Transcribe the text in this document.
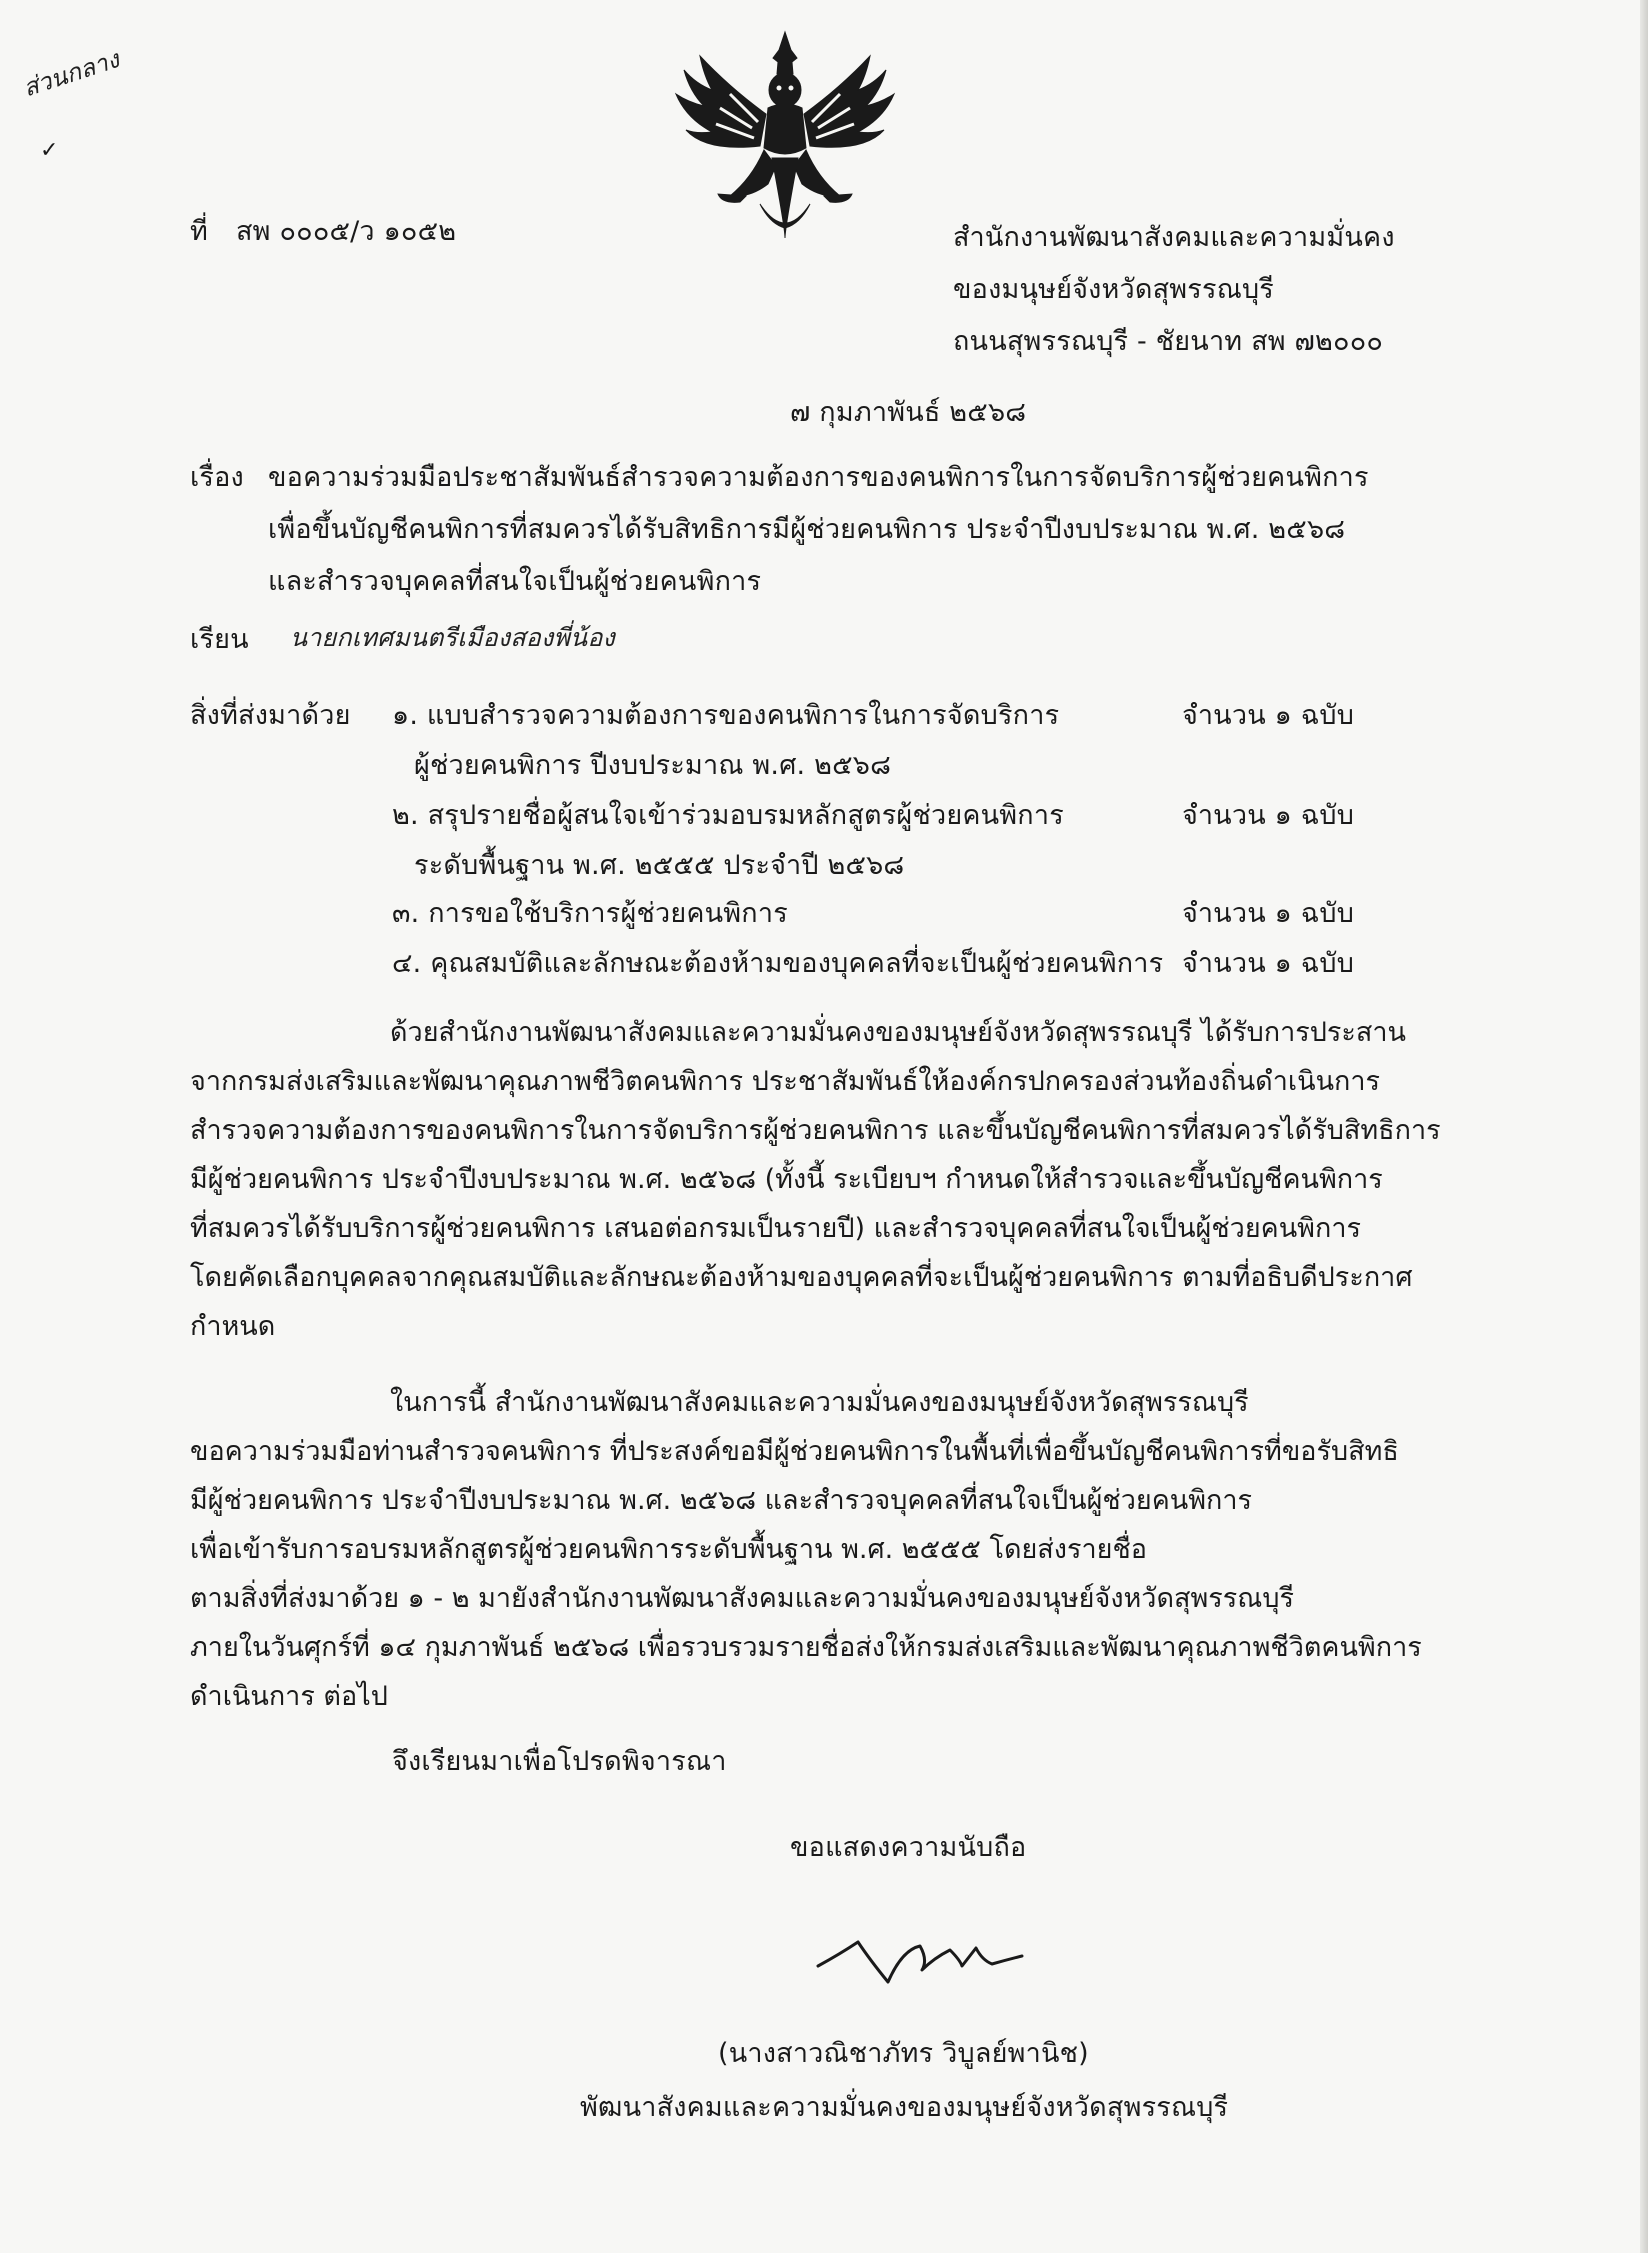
ส่วนกลาง
✓
ที่ สพ ๐๐๐๕/ว ๑๐๕๒	สำนักงานพัฒนาสังคมและความมั่นคง
ของมนุษย์จังหวัดสุพรรณบุรี
ถนนสุพรรณบุรี - ชัยนาท สพ ๗๒๐๐๐
๗ กุมภาพันธ์ ๒๕๖๘
เรื่อง ขอความร่วมมือประชาสัมพันธ์สำรวจความต้องการของคนพิการในการจัดบริการผู้ช่วยคนพิการ
เพื่อขึ้นบัญชีคนพิการที่สมควรได้รับสิทธิการมีผู้ช่วยคนพิการ ประจำปีงบประมาณ พ.ศ. ๒๕๖๘
และสำรวจบุคคลที่สนใจเป็นผู้ช่วยคนพิการ
เรียน นายกเทศมนตรีเมืองสองพี่น้อง
สิ่งที่ส่งมาด้วย ๑. แบบสำรวจความต้องการของคนพิการในการจัดบริการ
ผู้ช่วยคนพิการ ปีงบประมาณ พ.ศ. ๒๕๖๘
จำนวน ๑ ฉบับ
๒. สรุปรายชื่อผู้สนใจเข้าร่วมอบรมหลักสูตรผู้ช่วยคนพิการ
ระดับพื้นฐาน พ.ศ. ๒๕๕๕ ประจำปี ๒๕๖๘
จำนวน ๑ ฉบับ
๓. การขอใช้บริการผู้ช่วยคนพิการ	จำนวน ๑ ฉบับ
๔. คุณสมบัติและลักษณะต้องห้ามของบุคคลที่จะเป็นผู้ช่วยคนพิการ จำนวน ๑ ฉบับ
ด้วยสำนักงานพัฒนาสังคมและความมั่นคงของมนุษย์จังหวัดสุพรรณบุรี ได้รับการประสาน
จากกรมส่งเสริมและพัฒนาคุณภาพชีวิตคนพิการ ประชาสัมพันธ์ให้องค์กรปกครองส่วนท้องถิ่นดำเนินการ
สำรวจความต้องการของคนพิการในการจัดบริการผู้ช่วยคนพิการ และขึ้นบัญชีคนพิการที่สมควรได้รับสิทธิการ
มีผู้ช่วยคนพิการ ประจำปีงบประมาณ พ.ศ. ๒๕๖๘ (ทั้งนี้ ระเบียบฯ กำหนดให้สำรวจและขึ้นบัญชีคนพิการ
ที่สมควรได้รับบริการผู้ช่วยคนพิการ เสนอต่อกรมเป็นรายปี) และสำรวจบุคคลที่สนใจเป็นผู้ช่วยคนพิการ
โดยคัดเลือกบุคคลจากคุณสมบัติและลักษณะต้องห้ามของบุคคลที่จะเป็นผู้ช่วยคนพิการ ตามที่อธิบดีประกาศ
กำหนด
ในการนี้ สำนักงานพัฒนาสังคมและความมั่นคงของมนุษย์จังหวัดสุพรรณบุรี
ขอความร่วมมือท่านสำรวจคนพิการ ที่ประสงค์ขอมีผู้ช่วยคนพิการในพื้นที่เพื่อขึ้นบัญชีคนพิการที่ขอรับสิทธิ
มีผู้ช่วยคนพิการ ประจำปีงบประมาณ พ.ศ. ๒๕๖๘ และสำรวจบุคคลที่สนใจเป็นผู้ช่วยคนพิการ
เพื่อเข้ารับการอบรมหลักสูตรผู้ช่วยคนพิการระดับพื้นฐาน พ.ศ. ๒๕๕๕ โดยส่งรายชื่อ
ตามสิ่งที่ส่งมาด้วย ๑ - ๒ มายังสำนักงานพัฒนาสังคมและความมั่นคงของมนุษย์จังหวัดสุพรรณบุรี
ภายในวันศุกร์ที่ ๑๔ กุมภาพันธ์ ๒๕๖๘ เพื่อรวบรวมรายชื่อส่งให้กรมส่งเสริมและพัฒนาคุณภาพชีวิตคนพิการ
ดำเนินการ ต่อไป
จึงเรียนมาเพื่อโปรดพิจารณา
ขอแสดงความนับถือ
(นางสาวณิชาภัทร วิบูลย์พานิช)
พัฒนาสังคมและความมั่นคงของมนุษย์จังหวัดสุพรรณบุรี
